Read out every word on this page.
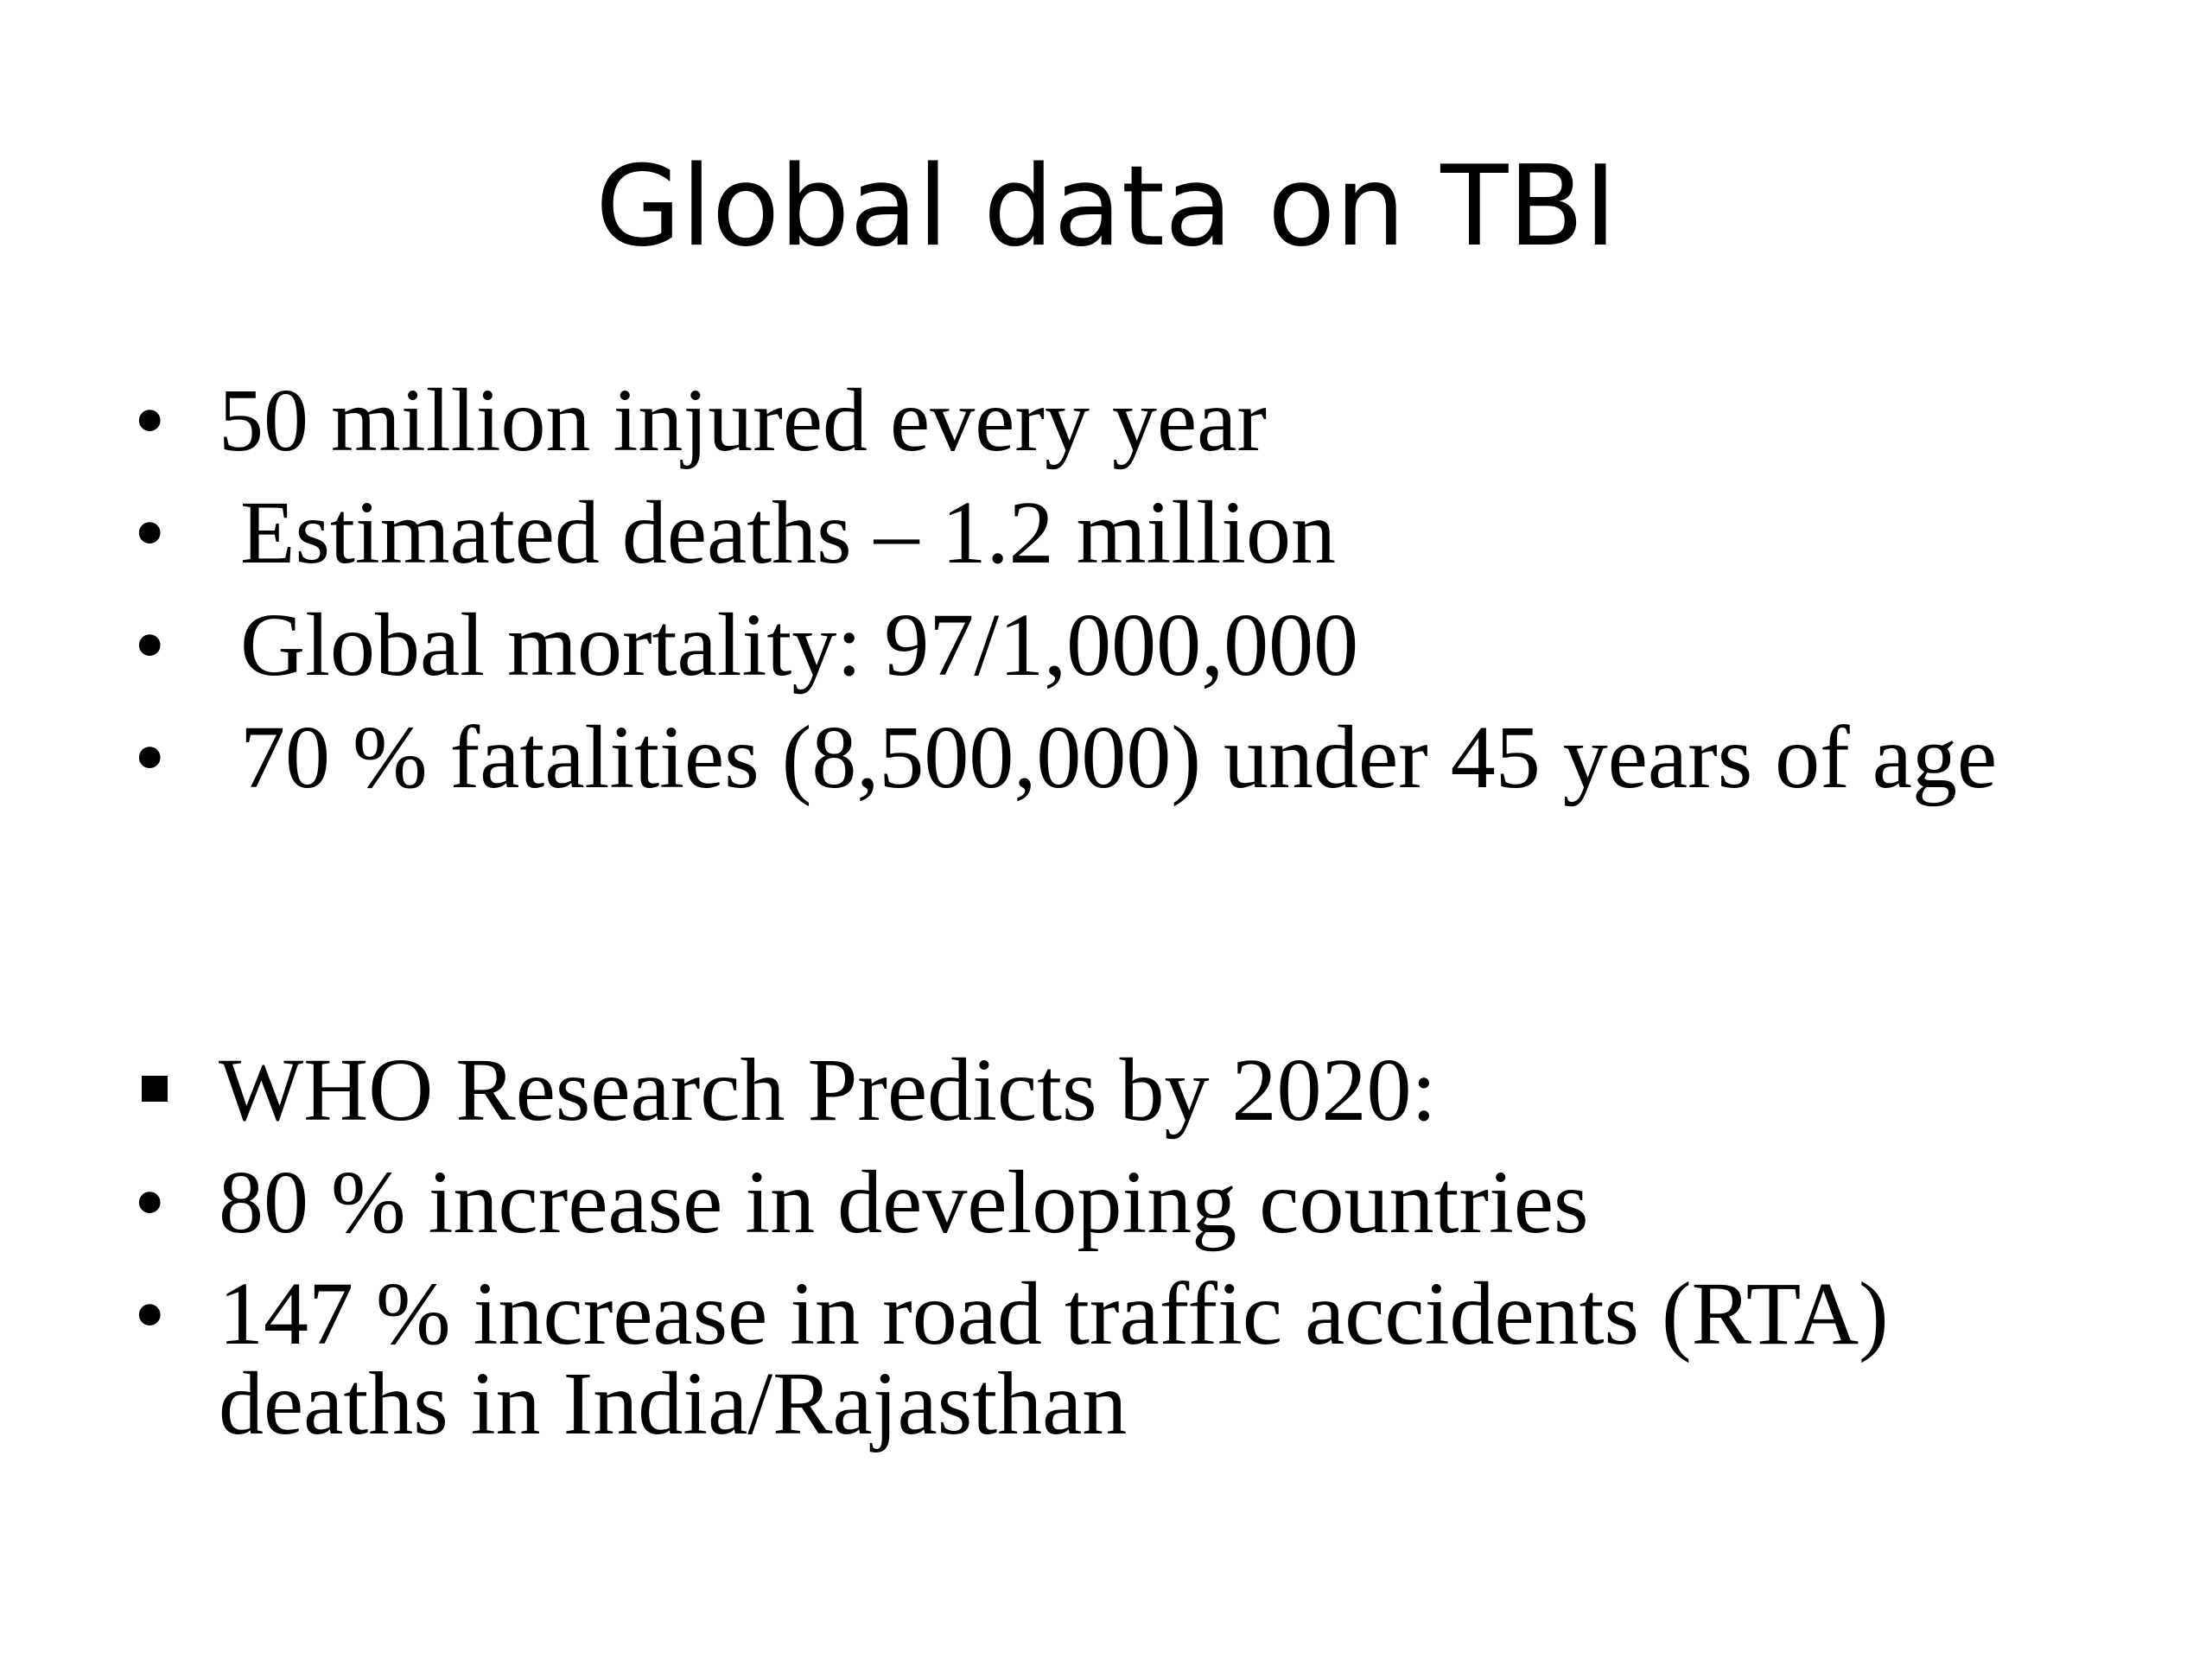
Global data on TBI
• 50 million injured every year
• Estimated deaths – 1.2 million
• Global mortality: 97/1,000,000
• 70 % fatalities (8,500,000) under 45 years of age
WHO Research Predicts by 2020:
• 80 % increase in developing countries
• 147 % increase in road traffic accidents (RTA) deaths in India/Rajasthan
